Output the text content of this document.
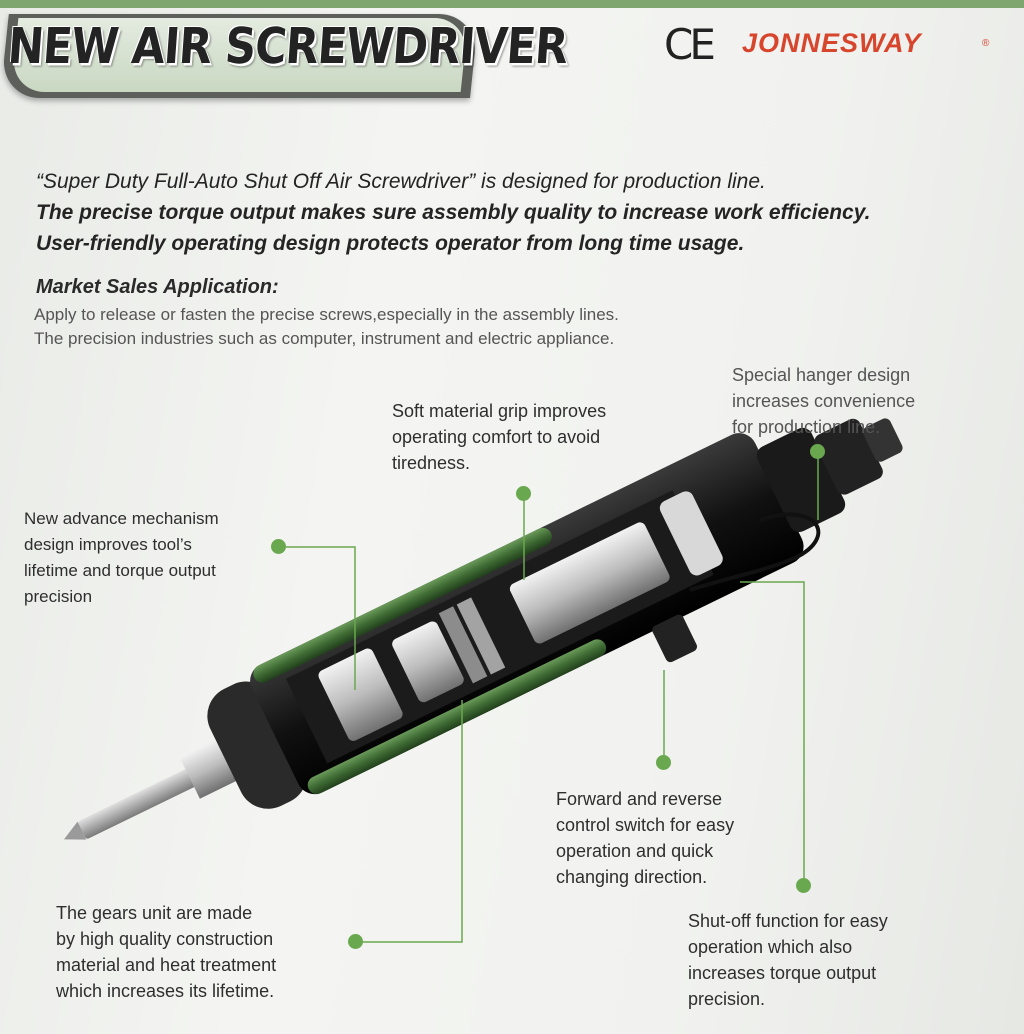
NEW AIR SCREWDRIVER CE JONNESWAY	®
“Super Duty Full-Auto Shut Off Air Screwdriver” is designed for production line.
The precise torque output makes sure assembly quality to increase work efficiency.
User-friendly operating design protects operator from long time usage.
Market Sales Application:
Apply to release or fasten the precise screws,especially in the assembly lines.
The precision industries such as computer, instrument and electric appliance.
Special hanger design
increases convenience
for production line.
Soft material grip improves
operating comfort to avoid
tiredness.
New advance mechanism
design improves tool’s
lifetime and torque output
precision
Forward and reverse
control switch for easy
operation and quick
changing direction.
The gears unit are made
by high quality construction
material and heat treatment
which increases its lifetime.
Shut-off function for easy
operation which also
increases torque output
precision.
